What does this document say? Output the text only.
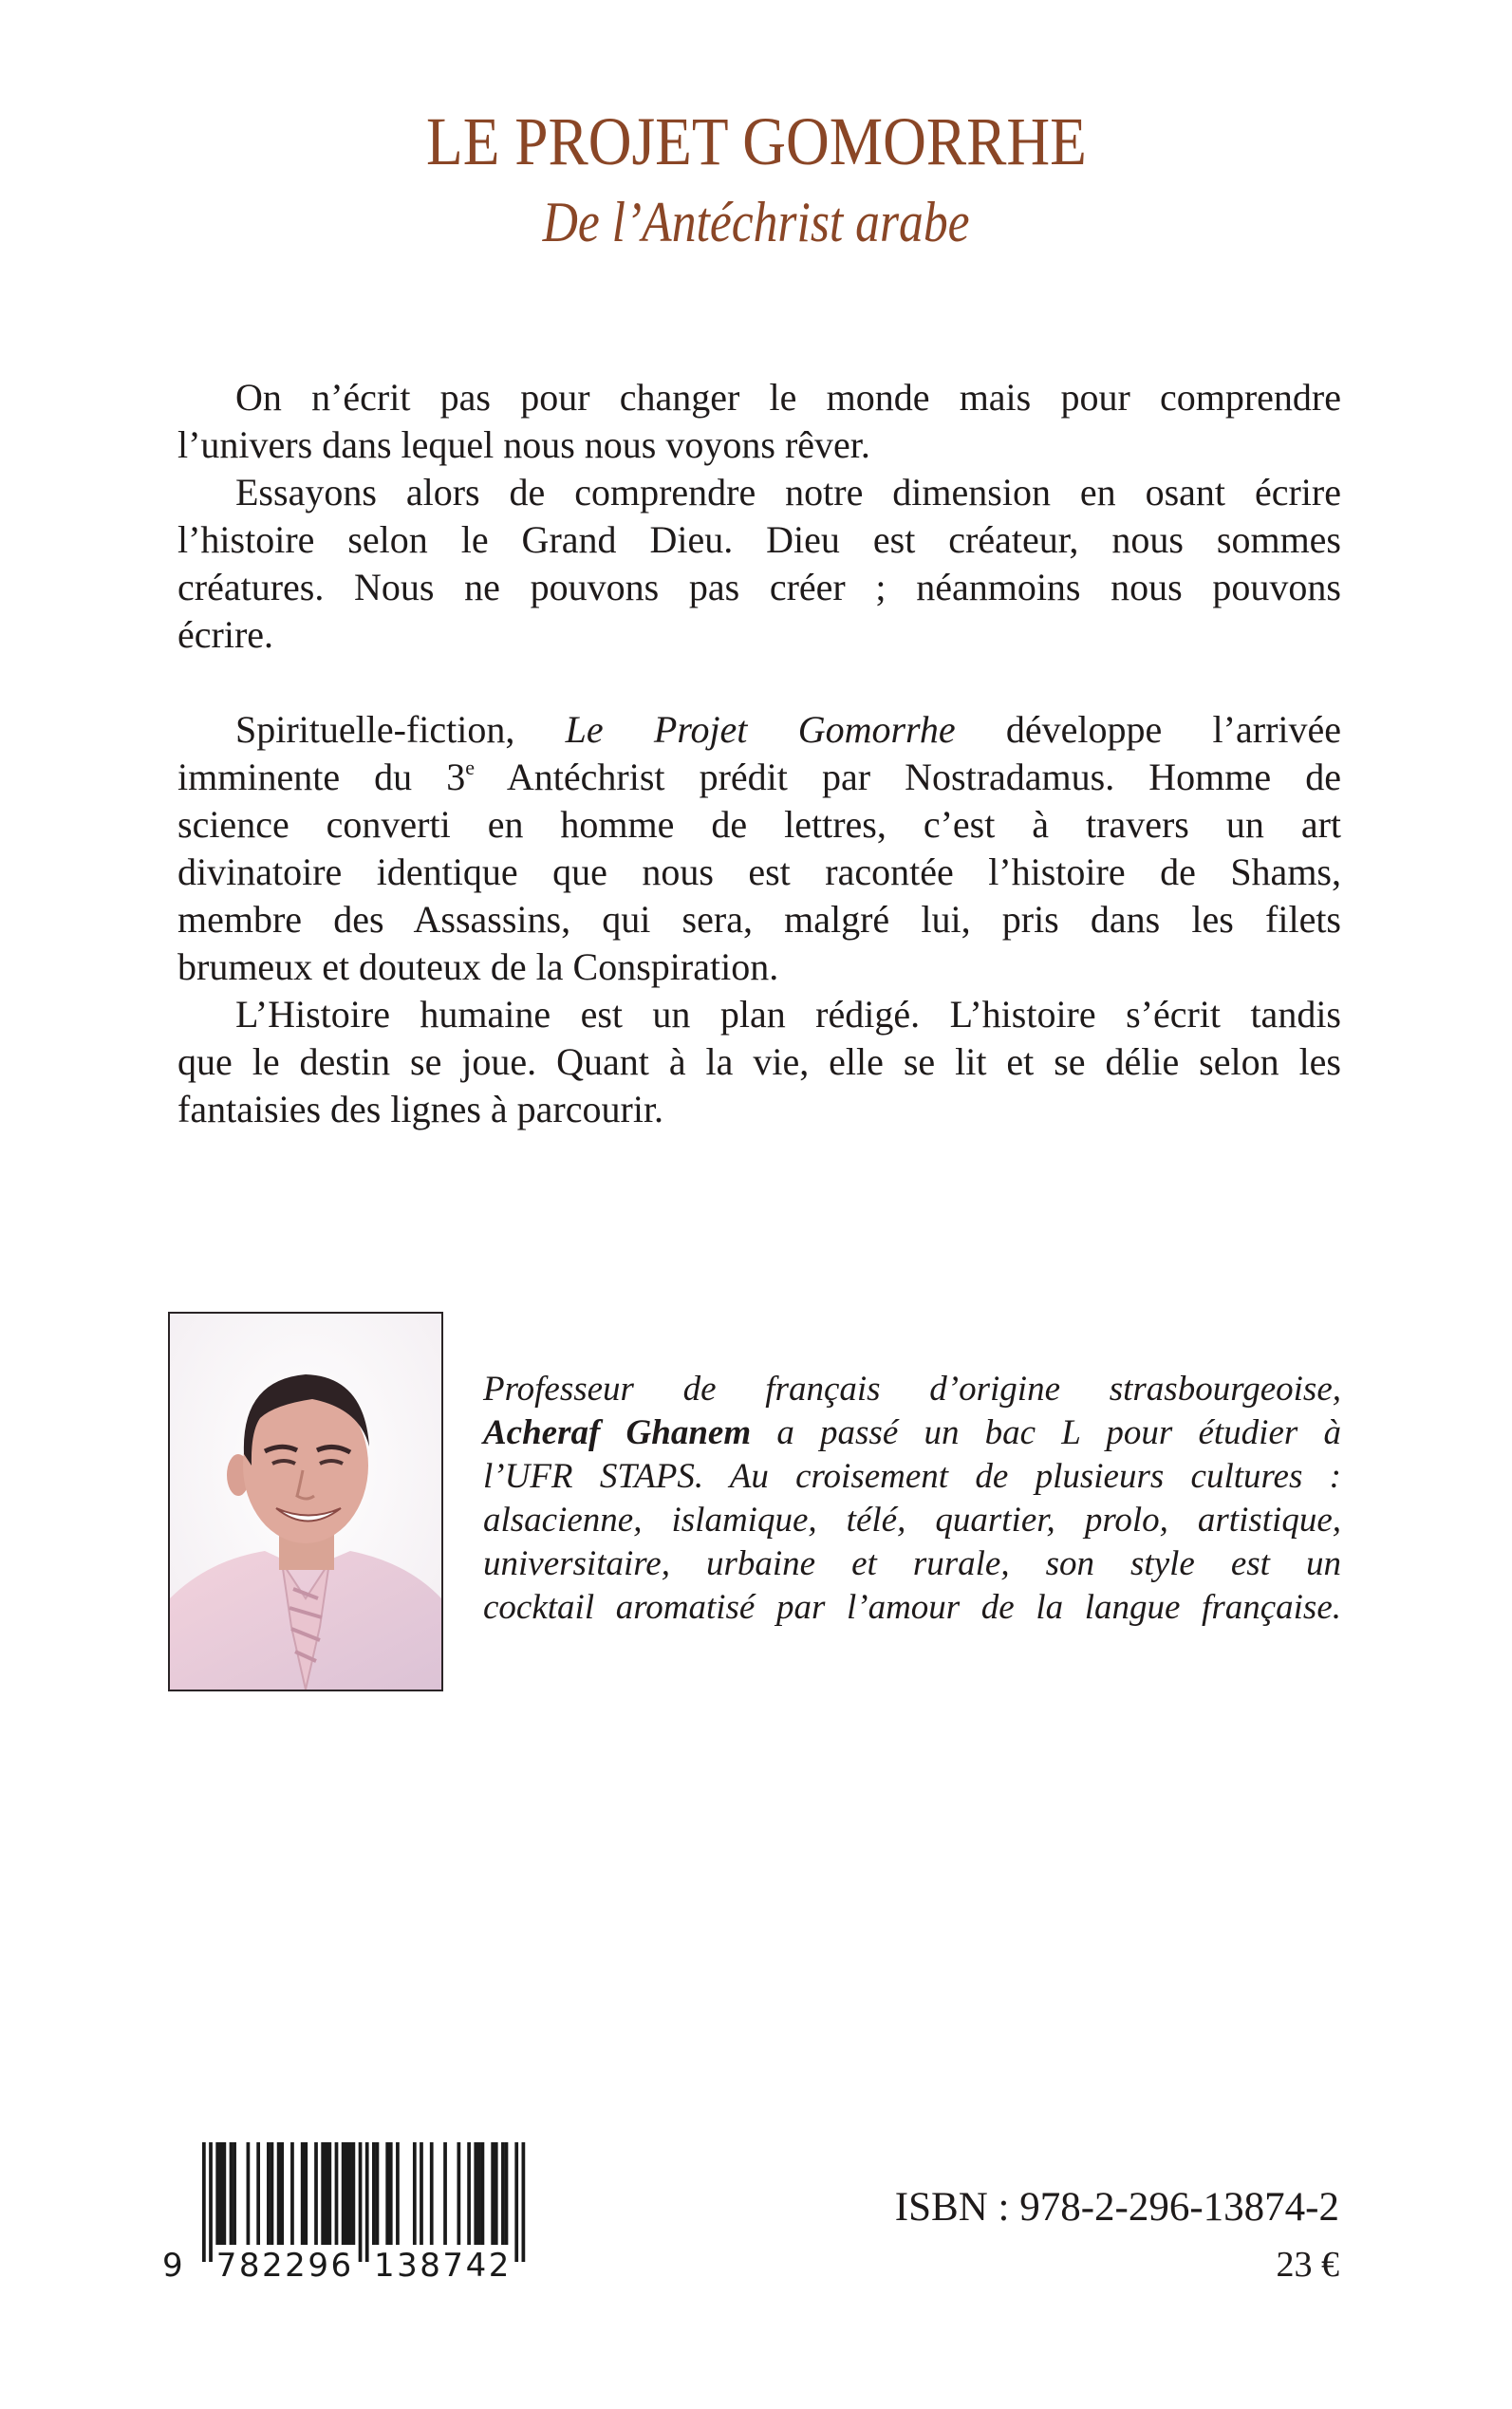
LE PROJET GOMORRHE
De l’Antéchrist arabe
On n’écrit pas pour changer le monde mais pour comprendre
l’univers dans lequel nous nous voyons rêver.
Essayons alors de comprendre notre dimension en osant écrire
l’histoire selon le Grand Dieu. Dieu est créateur, nous sommes
créatures. Nous ne pouvons pas créer ; néanmoins nous pouvons
écrire.
Spirituelle-fiction, Le Projet Gomorrhe développe l’arrivée
imminente du 3e Antéchrist prédit par Nostradamus. Homme de
science converti en homme de lettres, c’est à travers un art
divinatoire identique que nous est racontée l’histoire de Shams,
membre des Assassins, qui sera, malgré lui, pris dans les filets
brumeux et douteux de la Conspiration.
L’Histoire humaine est un plan rédigé. L’histoire s’écrit tandis
que le destin se joue. Quant à la vie, elle se lit et se délie selon les
fantaisies des lignes à parcourir.
Professeur de français d’origine strasbourgeoise,
Acheraf Ghanem a passé un bac L pour étudier à
l’UFR STAPS. Au croisement de plusieurs cultures :
alsacienne, islamique, télé, quartier, prolo, artistique,
universitaire, urbaine et rurale, son style est un
cocktail aromatisé par l’amour de la langue française.
9 782296 138742
ISBN : 978-2-296-13874-2
23 €
